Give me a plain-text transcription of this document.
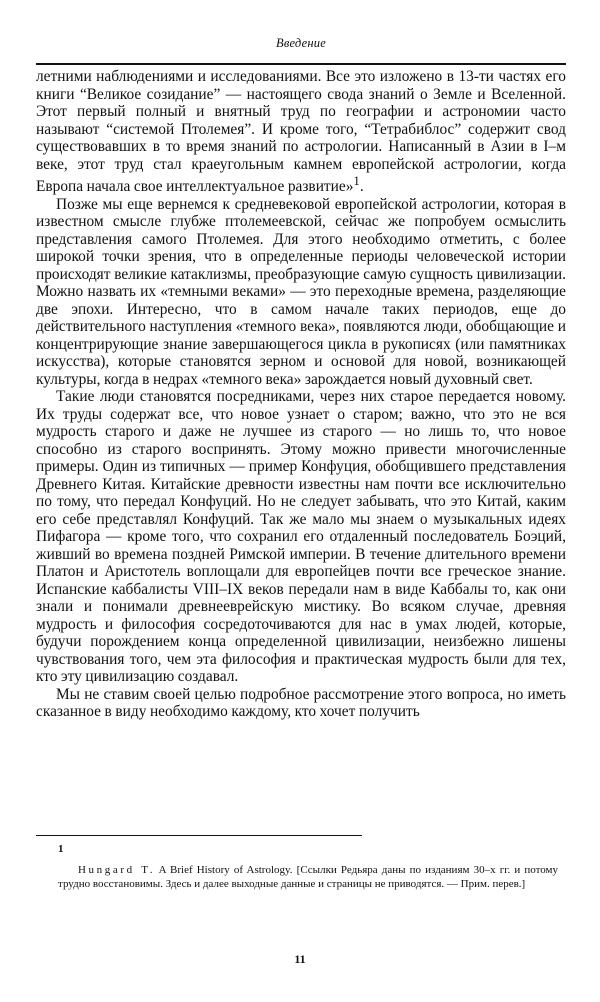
Введение

летними наблюдениями и исследованиями. Все это изложено в 13-ти частях его книги “Великое созидание” — настоящего свода знаний о Земле и Вселенной. Этот первый полный и внятный труд по географии и астрономии часто называют “системой Птолемея”. И кроме того, “Тетрабиблос” содержит свод существовавших в то время знаний по астрологии. Написанный в Азии в I–м веке, этот труд стал краеугольным камнем европейской астрологии, когда Европа начала свое интеллектуальное развитие»$^1$.

Позже мы еще вернемся к средневековой европейской астрологии, которая в известном смысле глубже птолемеевской, сейчас же попробуем осмыслить представления самого Птолемея. Для этого необходимо отметить, с более широкой точки зрения, что в определенные периоды человеческой истории происходят великие катаклизмы, преобразующие самую сущность цивилизации. Можно назвать их «темными веками» — это переходные времена, разделяющие две эпохи. Интересно, что в самом начале таких периодов, еще до действительного наступления «темного века», появляются люди, обобщающие и концентрирующие знание завершающегося цикла в рукописях (или памятниках искусства), которые становятся зерном и основой для новой, возникающей культуры, когда в недрах «темного века» зарождается новый духовный свет.

Такие люди становятся посредниками, через них старое передается новому. Их труды содержат все, что новое узнает о старом; важно, что это не вся мудрость старого и даже не лучшее из старого — но лишь то, что новое способно из старого воспринять. Этому можно привести многочисленные примеры. Один из типичных — пример Конфуция, обобщившего представления Древнего Китая. Китайские древности известны нам почти все исключительно по тому, что передал Конфуций. Но не следует забывать, что это Китай, каким его себе представлял Конфуций. Так же мало мы знаем о музыкальных идеях Пифагора — кроме того, что сохранил его отдаленный последователь Боэций, живший во времена поздней Римской империи. В течение длительного времени Платон и Аристотель воплощали для европейцев почти все греческое знание. Испанские каббалисты VIII–IX веков передали нам в виде Каббалы то, как они знали и понимали древнееврейскую мистику. Во всяком случае, древняя мудрость и философия сосредоточиваются для нас в умах людей, которые, будучи порождением конца определенной цивилизации, неизбежно лишены чувствования того, чем эта философия и практическая мудрость были для тех, кто эту цивилизацию создавал.

Мы не ставим своей целью подробное рассмотрение этого вопроса, но иметь сказанное в виду необходимо каждому, кто хочет получить

1
Hungard T. A Brief History of Astrology. [Ссылки Редьяра даны по изданиям 30–х гг. и потому трудно восстановимы. Здесь и далее выходные данные и страницы не приводятся. — Прим. перев.]
11
